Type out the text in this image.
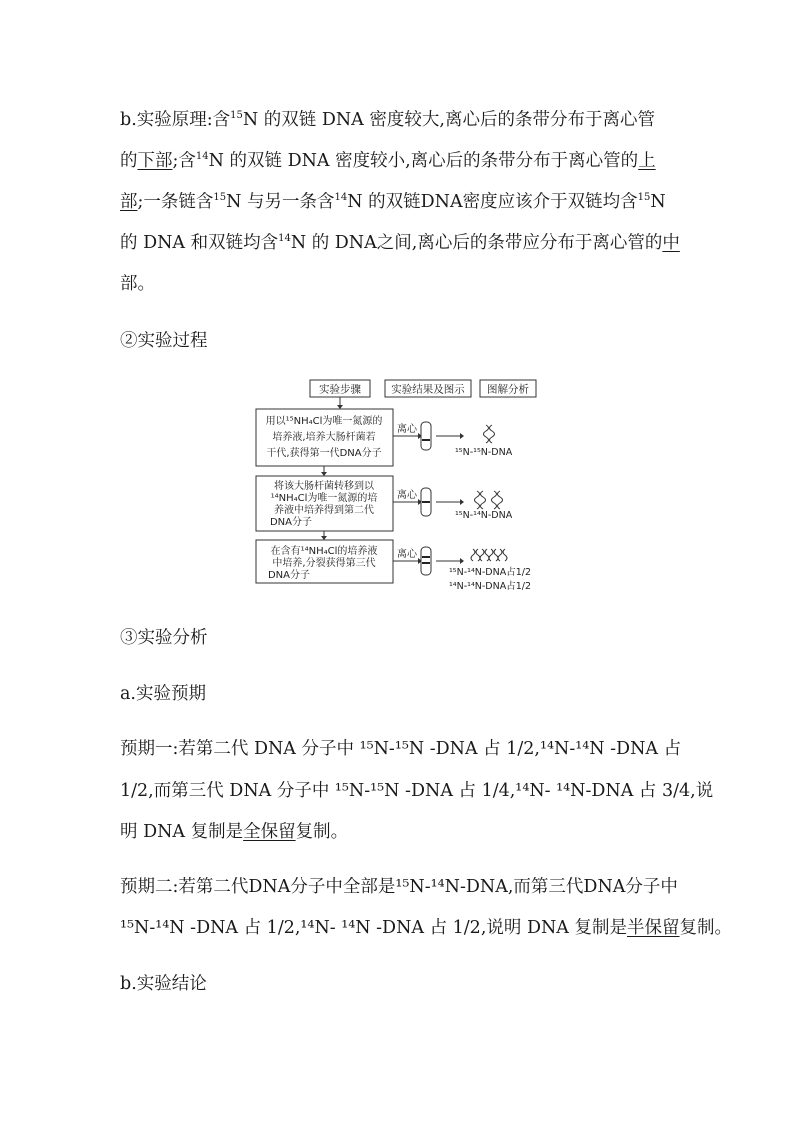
b.实验原理:含$^{15}$N 的双链 DNA 密度较大,离心后的条带分布于离心管
的下部;含$^{14}$N 的双链 DNA 密度较小,离心后的条带分布于离心管的上
部;一条链含$^{15}$N 与另一条含$^{14}$N 的双链DNA密度应该介于双链均含$^{15}$N
的 DNA 和双链均含$^{14}$N 的 DNA之间,离心后的条带应分布于离心管的中
部。
②实验过程
实验步骤	实验结果及图示 图解分析
用以¹⁵NH₄Cl为唯一氮源的
培养液,培养大肠杆菌若
干代,获得第一代DNA分子
将该大肠杆菌转移到以
¹⁴NH₄Cl为唯一氮源的培
养液中培养得到第二代
DNA分子
在含有¹⁴NH₄Cl的培养液
中培养,分裂获得第三代
DNA分子
离心
离心
离心
¹⁵N-¹⁵N-DNA
¹⁵N-¹⁴N-DNA
¹⁵N-¹⁴N-DNA占1/2
¹⁴N-¹⁴N-DNA占1/2
③实验分析
a.实验预期
预期一:若第二代 DNA 分子中 ¹⁵N-¹⁵N -DNA 占 1/2,¹⁴N-¹⁴N -DNA 占
1/2,而第三代 DNA 分子中 ¹⁵N-¹⁵N -DNA 占 1/4,¹⁴N- ¹⁴N-DNA 占 3/4,说
明 DNA 复制是全保留复制。
预期二:若第二代DNA分子中全部是¹⁵N-¹⁴N-DNA,而第三代DNA分子中
¹⁵N-¹⁴N -DNA 占 1/2,¹⁴N- ¹⁴N -DNA 占 1/2,说明 DNA 复制是半保留复制。
b.实验结论
